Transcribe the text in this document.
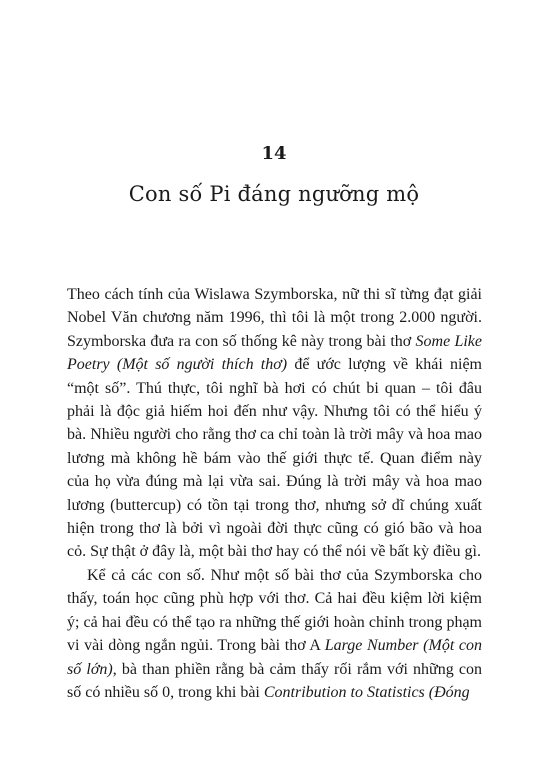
14
Con số Pi đáng ngưỡng mộ

Theo cách tính của Wislawa Szymborska, nữ thi sĩ từng đạt giải Nobel Văn chương năm 1996, thì tôi là một trong 2.000 người. Szymborska đưa ra con số thống kê này trong bài thơ Some Like Poetry (Một số người thích thơ) để ước lượng về khái niệm “một số”. Thú thực, tôi nghĩ bà hơi có chút bi quan – tôi đâu phải là độc giả hiếm hoi đến như vậy. Nhưng tôi có thể hiểu ý bà. Nhiều người cho rằng thơ ca chỉ toàn là trời mây và hoa mao lương mà không hề bám vào thế giới thực tế. Quan điểm này của họ vừa đúng mà lại vừa sai. Đúng là trời mây và hoa mao lương (buttercup) có tồn tại trong thơ, nhưng sở dĩ chúng xuất hiện trong thơ là bởi vì ngoài đời thực cũng có gió bão và hoa cỏ. Sự thật ở đây là, một bài thơ hay có thể nói về bất kỳ điều gì.

Kể cả các con số. Như một số bài thơ của Szymborska cho thấy, toán học cũng phù hợp với thơ. Cả hai đều kiệm lời kiệm ý; cả hai đều có thể tạo ra những thế giới hoàn chỉnh trong phạm vi vài dòng ngắn ngủi. Trong bài thơ A Large Number (Một con số lớn), bà than phiền rằng bà cảm thấy rối rắm với những con số có nhiều số 0, trong khi bài Contribution to Statistics (Đóng
